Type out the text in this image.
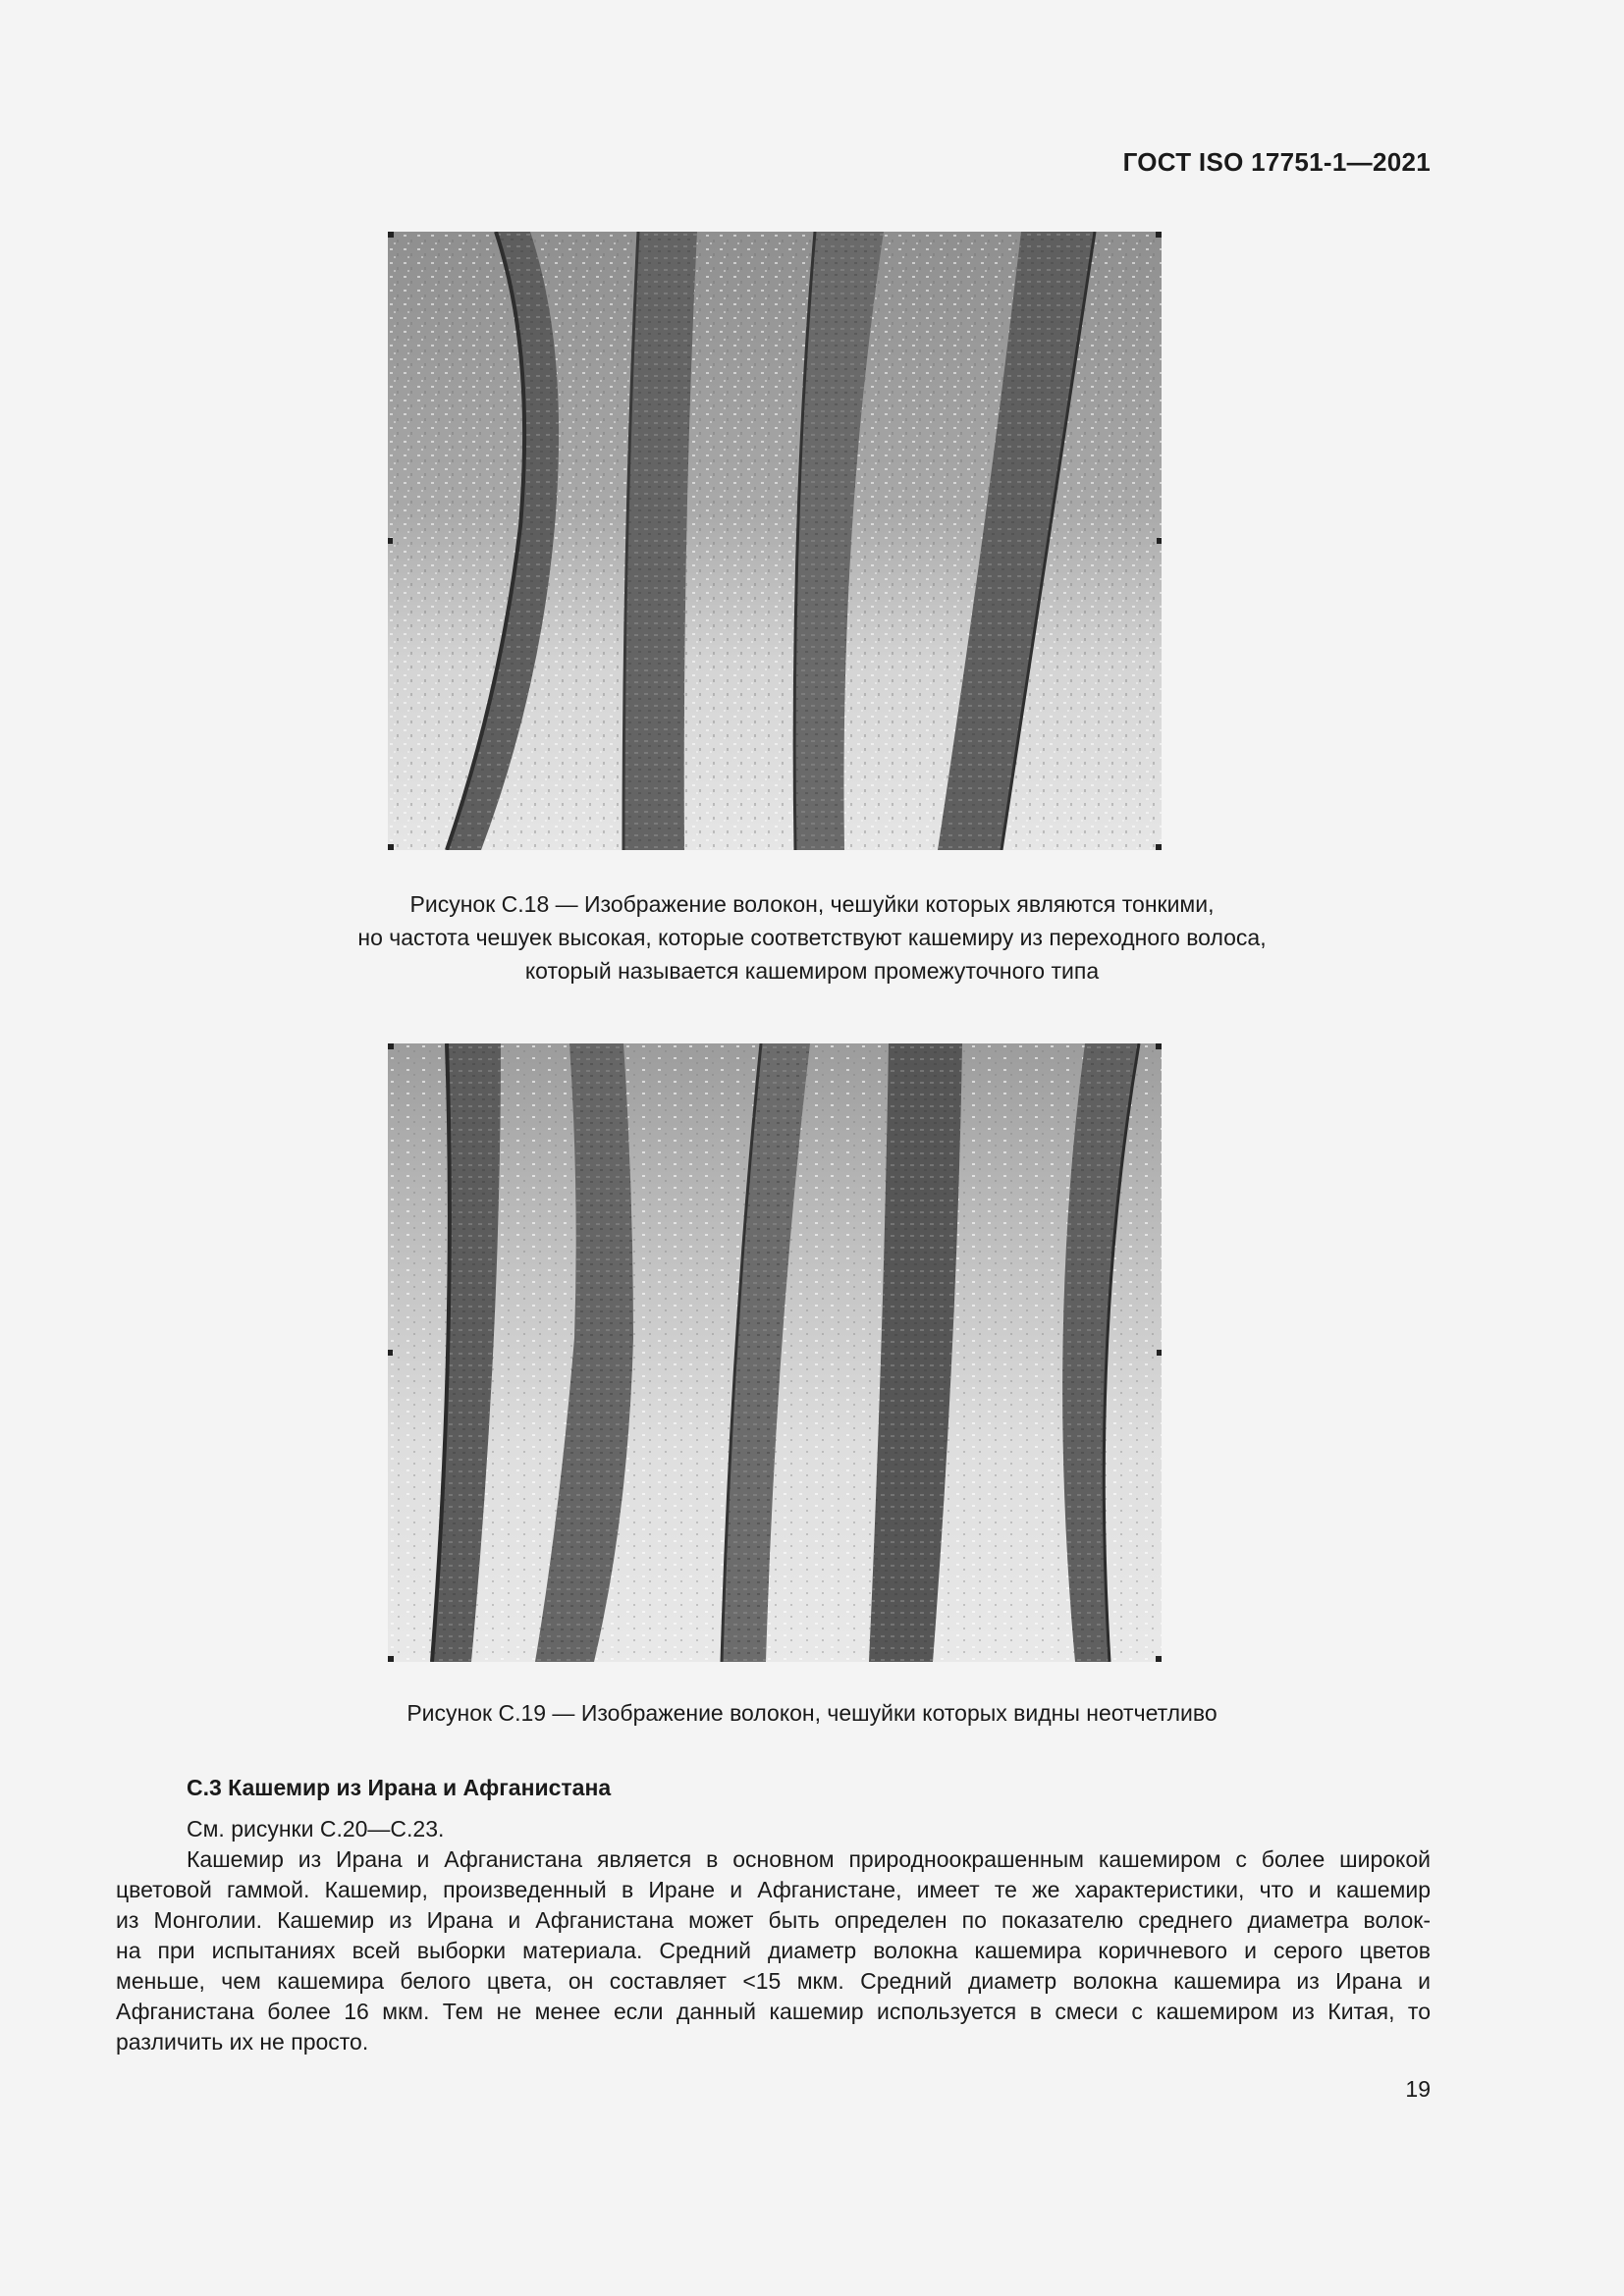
ГОСТ ISO 17751-1—2021
Рисунок С.18 — Изображение волокон, чешуйки которых являются тонкими,
но частота чешуек высокая, которые соответствуют кашемиру из переходного волоса,
который называется кашемиром промежуточного типа
Рисунок С.19 — Изображение волокон, чешуйки которых видны неотчетливо
С.3 Кашемир из Ирана и Афганистана
См. рисунки С.20—С.23.
Кашемир из Ирана и Афганистана является в основном природноокрашенным кашемиром с более широкой
цветовой гаммой. Кашемир, произведенный в Иране и Афганистане, имеет те же характеристики, что и кашемир
из Монголии. Кашемир из Ирана и Афганистана может быть определен по показателю среднего диаметра волок-
на при испытаниях всей выборки материала. Средний диаметр волокна кашемира коричневого и серого цветов
меньше, чем кашемира белого цвета, он составляет <15 мкм. Средний диаметр волокна кашемира из Ирана и
Афганистана более 16 мкм. Тем не менее если данный кашемир используется в смеси с кашемиром из Китая, то
различить их не просто.
19
